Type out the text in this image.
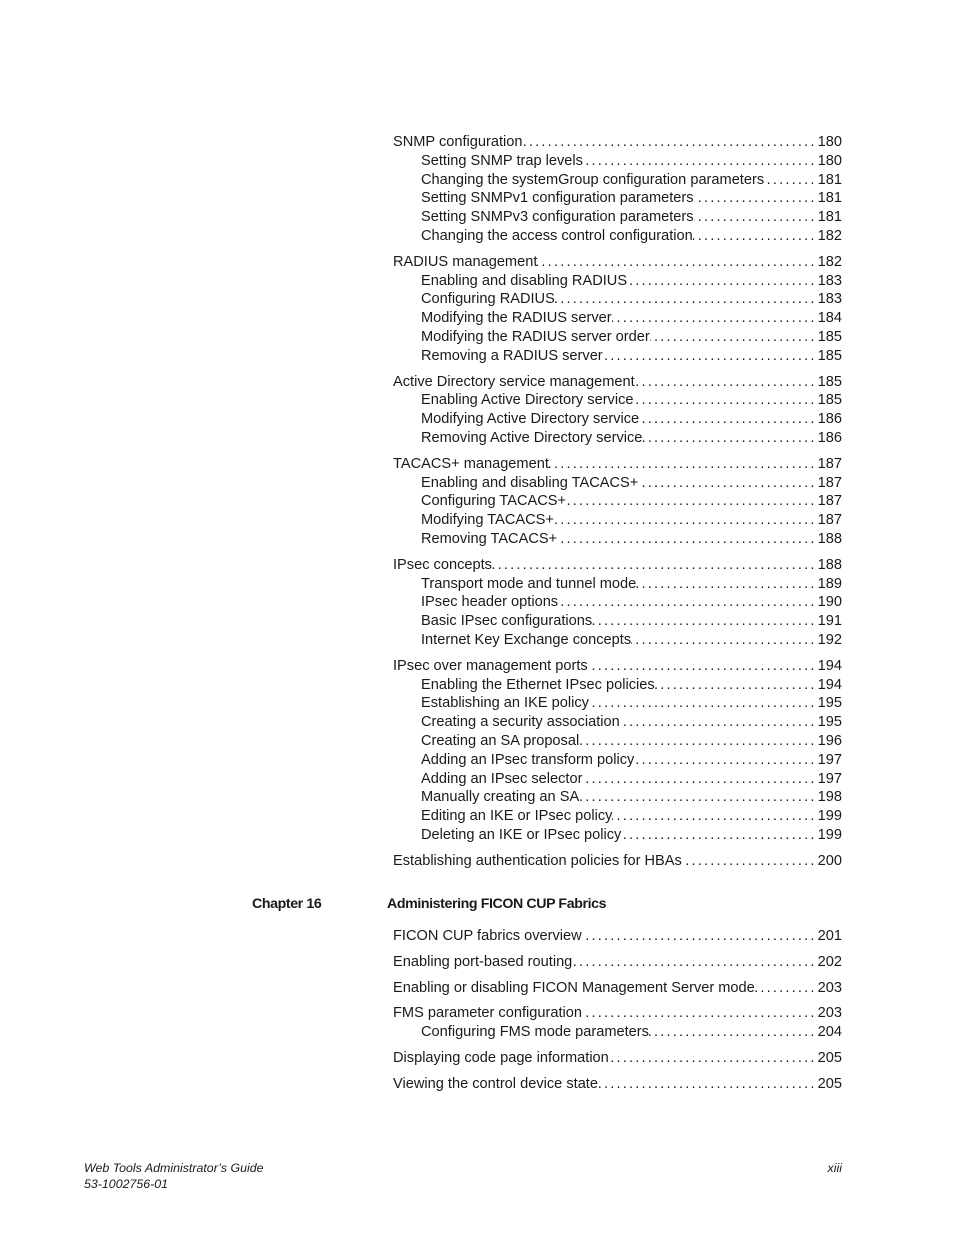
SNMP configuration .....	180
Setting SNMP trap levels .....	180
Changing the systemGroup configuration parameters .....	181
Setting SNMPv1 configuration parameters .....	181
Setting SNMPv3 configuration parameters .....	181
Changing the access control configuration .....	182
RADIUS management .....	182
Enabling and disabling RADIUS .....	183
Configuring RADIUS .....	183
Modifying the RADIUS server .....	184
Modifying the RADIUS server order .....	185
Removing a RADIUS server .....	185
Active Directory service management .....	185
Enabling Active Directory service .....	185
Modifying Active Directory service .....	186
Removing Active Directory service .....	186
TACACS+ management .....	187
Enabling and disabling TACACS+ .....	187
Configuring TACACS+ .....	187
Modifying TACACS+ .....	187
Removing TACACS+ .....	188
IPsec concepts .....	188
Transport mode and tunnel mode .....	189
IPsec header options .....	190
Basic IPsec configurations .....	191
Internet Key Exchange concepts .....	192
IPsec over management ports .....	194
Enabling the Ethernet IPsec policies .....	194
Establishing an IKE policy .....	195
Creating a security association .....	195
Creating an SA proposal .....	196
Adding an IPsec transform policy .....	197
Adding an IPsec selector .....	197
Manually creating an SA .....	198
Editing an IKE or IPsec policy .....	199
Deleting an IKE or IPsec policy .....	199
Establishing authentication policies for HBAs .....	200
Chapter 16	Administering FICON CUP Fabrics
FICON CUP fabrics overview .....	201
Enabling port-based routing .....	202
Enabling or disabling FICON Management Server mode .....	203
FMS parameter configuration .....	203
Configuring FMS mode parameters .....	204
Displaying code page information .....	205
Viewing the control device state .....	205
Web Tools Administrator’s Guide
53-1002756-01
xiii
